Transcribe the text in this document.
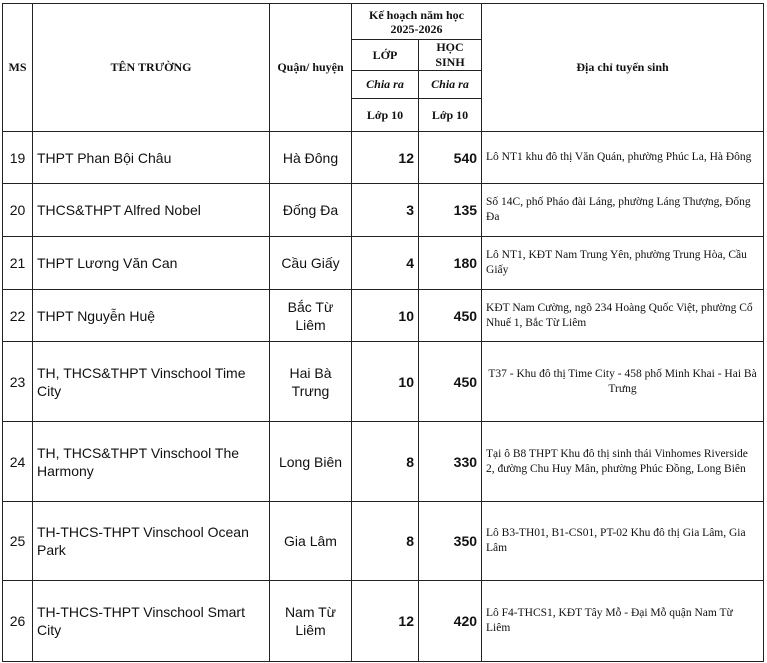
MS	TÊN TRƯỜNG	Quận/ huyện	Kế hoạch năm học
2025-2026		Địa chỉ tuyển sinh
			LỚP	HỌC SINH	
			Chia ra	Chia ra	
			Lớp 10	Lớp 10	
19	THPT Phan Bội Châu	Hà Đông	12	540	Lô NT1 khu đô thị Văn Quán, phường Phúc La, Hà Đông
20	THCS&THPT Alfred Nobel	Đống Đa	3	135	Số 14C, phố Pháo đài Láng, phường Láng Thượng, Đống Đa
21	THPT Lương Văn Can	Cầu Giấy	4	180	Lô NT1, KĐT Nam Trung Yên, phường Trung Hòa, Cầu Giấy
22	THPT Nguyễn Huệ	Bắc Từ Liêm	10	450	KĐT Nam Cường, ngõ 234 Hoàng Quốc Việt, phường Cổ Nhuế 1, Bắc Từ Liêm
23	TH, THCS&THPT Vinschool Time City	Hai Bà Trưng	10	450	T37 - Khu đô thị Time City - 458 phố Minh Khai - Hai Bà Trưng
24	TH, THCS&THPT Vinschool The Harmony	Long Biên	8	330	Tại ô B8 THPT Khu đô thị sinh thái Vinhomes Riverside 2, đường Chu Huy Mân, phường Phúc Đồng, Long Biên
25	TH-THCS-THPT Vinschool Ocean Park	Gia Lâm	8	350	Lô B3-TH01, B1-CS01, PT-02 Khu đô thị Gia Lâm, Gia Lâm
26	TH-THCS-THPT Vinschool Smart City	Nam Từ Liêm	12	420	Lô F4-THCS1, KĐT Tây Mỗ - Đại Mỗ quận Nam Từ Liêm
